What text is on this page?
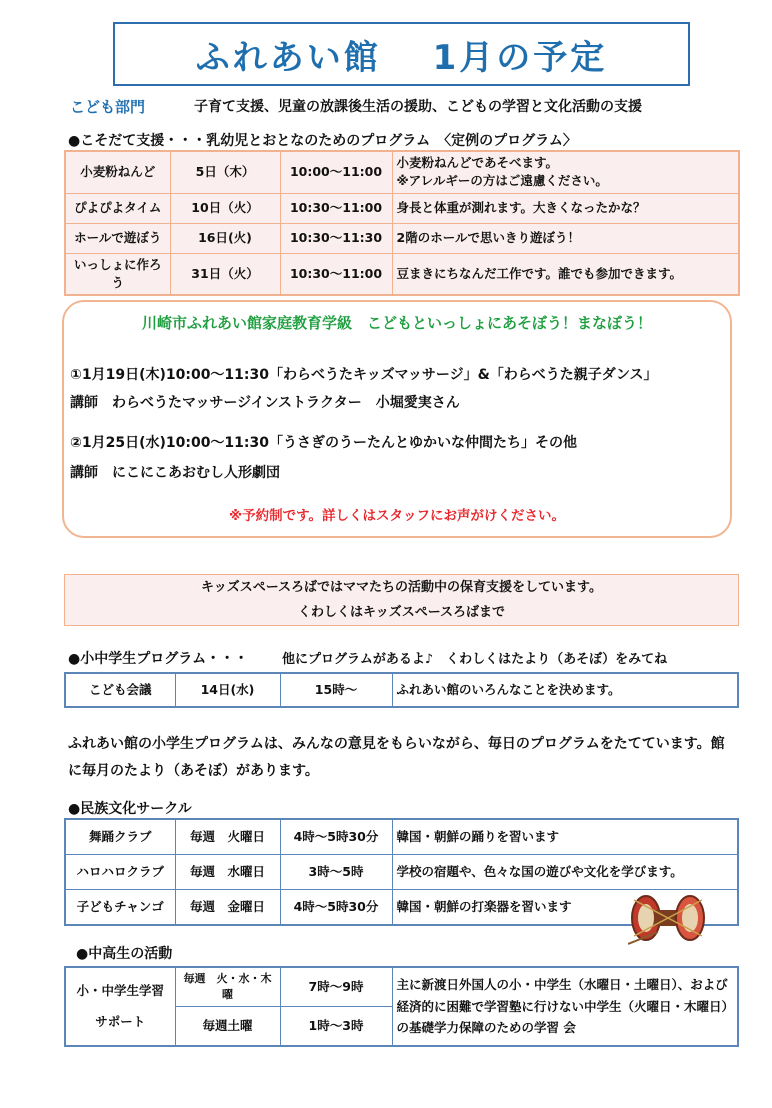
ふれあい館　 1月の予定
こども部門	子育て支援、児童の放課後生活の援助、こどもの学習と文化活動の支援
●こそだて支援・・・乳幼児とおとなのためのプログラム　〈定例のプログラム〉
小麦粉ねんど	5日（木）	10:00～11:00	小麦粉ねんどであそべます。
※アレルギーの方はご遠慮ください。
ぴよぴよタイム	10日（火）	10:30～11:00	身長と体重が測れます。大きくなったかな？
ホールで遊ぼう	16日(火)	10:30～11:30	2階のホールで思いきり遊ぼう！
いっしょに作ろう	31日（火）	10:30～11:00	豆まきにちなんだ工作です。誰でも参加できます。
川崎市ふれあい館家庭教育学級　こどもといっしょにあそぼう！まなぼう！
①1月19日(木)10:00～11:30「わらべうたキッズマッサージ」&「わらべうた親子ダンス」
講師　わらべうたマッサージインストラクター　小堀愛実さん
②1月25日(水)10:00～11:30「うさぎのうーたんとゆかいな仲間たち」その他
講師　にこにこあおむし人形劇団
※予約制です。詳しくはスタッフにお声がけください。
キッズスペースろばではママたちの活動中の保育支援をしています。
くわしくはキッズスペースろばまで
●小中学生プログラム・・・	他にプログラムがあるよ♪　くわしくはたより（あそぼ）をみてね
こども会議	14日(水)	15時～	ふれあい館のいろんなことを決めます。
ふれあい館の小学生プログラムは、みんなの意見をもらいながら、毎日のプログラムをたてています。館に毎月のたより（あそぼ）があります。
●民族文化サークル
舞踊クラブ	毎週　火曜日	4時～5時30分	韓国・朝鮮の踊りを習います
ハロハロクラブ	毎週　水曜日	3時～5時	学校の宿題や、色々な国の遊びや文化を学びます。
子どもチャンゴ	毎週　金曜日	4時～5時30分	韓国・朝鮮の打楽器を習います
●中高生の活動
小・中学生学習
サポート	毎週　火・水・木曜	7時～9時	主に新渡日外国人の小・中学生（水曜日・土曜日）、および経済的に困難で学習塾に行けない中学生（火曜日・木曜日）の基礎学力保障のための学習 会
	毎週土曜	1時～3時	
